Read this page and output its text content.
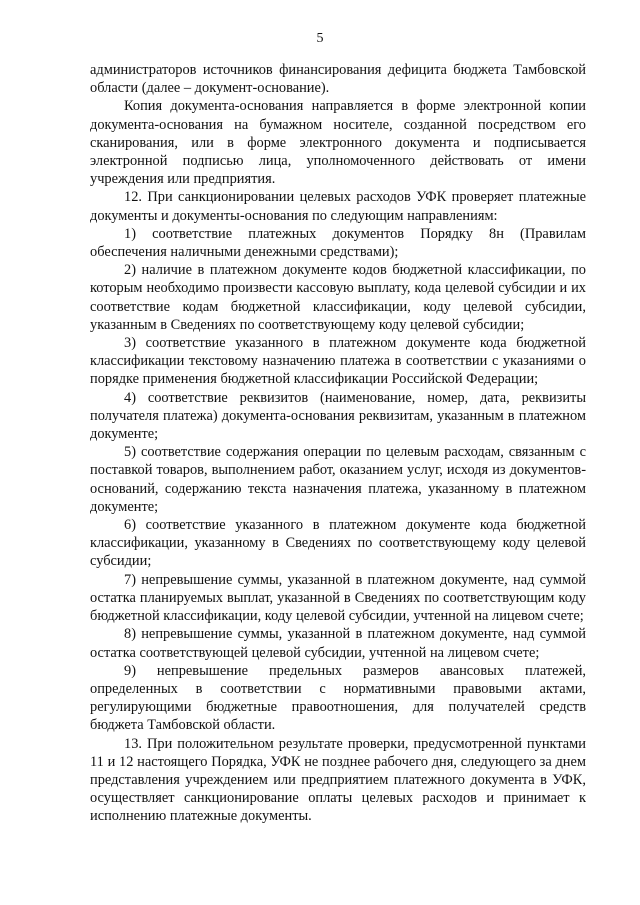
5

администраторов источников финансирования дефицита бюджета Тамбовской области (далее – документ-основание).

Копия документа-основания направляется в форме электронной копии документа-основания на бумажном носителе, созданной посредством его сканирования, или в форме электронного документа и подписывается электронной подписью лица, уполномоченного действовать от имени учреждения или предприятия.

12. При санкционировании целевых расходов УФК проверяет платежные документы и документы-основания по следующим направлениям:

1) соответствие платежных документов Порядку 8н (Правилам обеспечения наличными денежными средствами);

2) наличие в платежном документе кодов бюджетной классификации, по которым необходимо произвести кассовую выплату, кода целевой субсидии и их соответствие кодам бюджетной классификации, коду целевой субсидии, указанным в Сведениях по соответствующему коду целевой субсидии;

3) соответствие указанного в платежном документе кода бюджетной классификации текстовому назначению платежа в соответствии с указаниями о порядке применения бюджетной классификации Российской Федерации;

4) соответствие реквизитов (наименование, номер, дата, реквизиты получателя платежа) документа-основания реквизитам, указанным в платежном документе;

5) соответствие содержания операции по целевым расходам, связанным с поставкой товаров, выполнением работ, оказанием услуг, исходя из документов-оснований, содержанию текста назначения платежа, указанному в платежном документе;

6) соответствие указанного в платежном документе кода бюджетной классификации, указанному в Сведениях по соответствующему коду целевой субсидии;

7) непревышение суммы, указанной в платежном документе, над суммой остатка планируемых выплат, указанной в Сведениях по соответствующим коду бюджетной классификации, коду целевой субсидии, учтенной на лицевом счете;

8) непревышение суммы, указанной в платежном документе, над суммой остатка соответствующей целевой субсидии, учтенной на лицевом счете;

9) непревышение предельных размеров авансовых платежей, определенных в соответствии с нормативными правовыми актами, регулирующими бюджетные правоотношения, для получателей средств бюджета Тамбовской области.

13. При положительном результате проверки, предусмотренной пунктами 11 и 12 настоящего Порядка, УФК не позднее рабочего дня, следующего за днем представления учреждением или предприятием платежного документа в УФК, осуществляет санкционирование оплаты целевых расходов и принимает к исполнению платежные документы.
